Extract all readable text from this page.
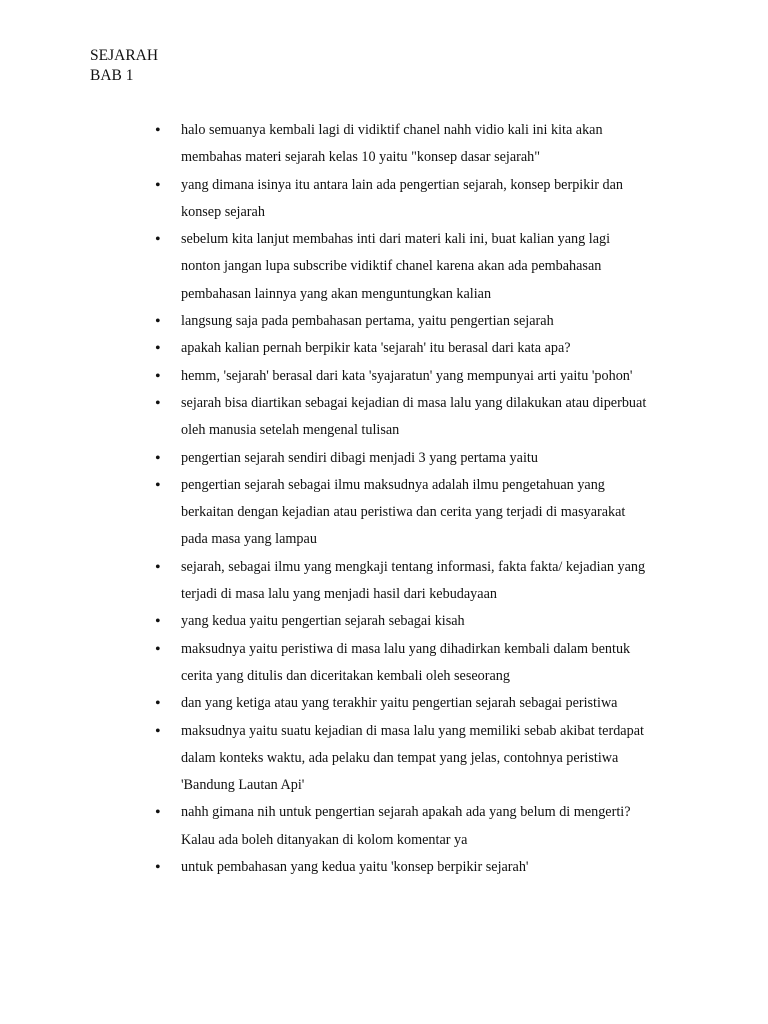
SEJARAH
BAB 1
•	halo semuanya kembali lagi di vidiktif chanel nahh vidio kali ini kita akan
membahas materi sejarah kelas 10 yaitu "konsep dasar sejarah"
•	yang dimana isinya itu antara lain ada pengertian sejarah, konsep berpikir dan
konsep sejarah
•	sebelum kita lanjut membahas inti dari materi kali ini, buat kalian yang lagi
nonton jangan lupa subscribe vidiktif chanel karena akan ada pembahasan
pembahasan lainnya yang akan menguntungkan kalian
•	langsung saja pada pembahasan pertama, yaitu pengertian sejarah
•	apakah kalian pernah berpikir kata 'sejarah' itu berasal dari kata apa?
•	hemm, 'sejarah' berasal dari kata 'syajaratun' yang mempunyai arti yaitu 'pohon'
•	sejarah bisa diartikan sebagai kejadian di masa lalu yang dilakukan atau diperbuat
oleh manusia setelah mengenal tulisan
•	pengertian sejarah sendiri dibagi menjadi 3 yang pertama yaitu
•	pengertian sejarah sebagai ilmu maksudnya adalah ilmu pengetahuan yang
berkaitan dengan kejadian atau peristiwa dan cerita yang terjadi di masyarakat
pada masa yang lampau
•	sejarah, sebagai ilmu yang mengkaji tentang informasi, fakta fakta/ kejadian yang
terjadi di masa lalu yang menjadi hasil dari kebudayaan
•	yang kedua yaitu pengertian sejarah sebagai kisah
•	maksudnya yaitu peristiwa di masa lalu yang dihadirkan kembali dalam bentuk
cerita yang ditulis dan diceritakan kembali oleh seseorang
•	dan yang ketiga atau yang terakhir yaitu pengertian sejarah sebagai peristiwa
•	maksudnya yaitu suatu kejadian di masa lalu yang memiliki sebab akibat terdapat
dalam konteks waktu, ada pelaku dan tempat yang jelas, contohnya peristiwa
'Bandung Lautan Api'
•	nahh gimana nih untuk pengertian sejarah apakah ada yang belum di mengerti?
Kalau ada boleh ditanyakan di kolom komentar ya
•	untuk pembahasan yang kedua yaitu 'konsep berpikir sejarah'
